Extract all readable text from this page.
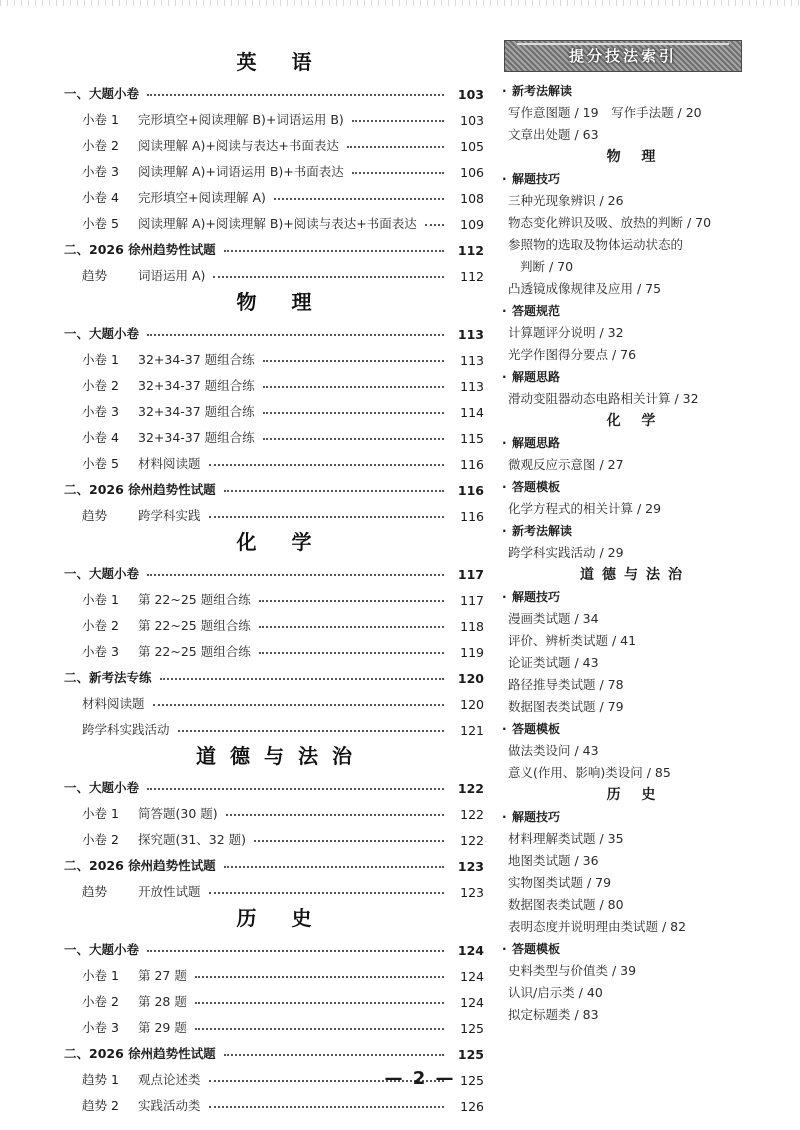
英 语
一、大题小卷	103
小卷 1	完形填空+阅读理解 B)+词语运用 B)	103
小卷 2	阅读理解 A)+阅读与表达+书面表达	105
小卷 3	阅读理解 A)+词语运用 B)+书面表达	106
小卷 4	完形填空+阅读理解 A)	108
小卷 5	阅读理解 A)+阅读理解 B)+阅读与表达+书面表达	109
二、2026 徐州趋势性试题	112
趋势	词语运用 A)	112
物 理
一、大题小卷	113
小卷 1	32+34-37 题组合练	113
小卷 2	32+34-37 题组合练	113
小卷 3	32+34-37 题组合练	114
小卷 4	32+34-37 题组合练	115
小卷 5	材料阅读题	116
二、2026 徐州趋势性试题	116
趋势	跨学科实践	116
化 学
一、大题小卷	117
小卷 1	第 22~25 题组合练	117
小卷 2	第 22~25 题组合练	118
小卷 3	第 22~25 题组合练	119
二、新考法专练	120
材料阅读题	120
跨学科实践活动	121
道德与法治
一、大题小卷	122
小卷 1	简答题(30 题)	122
小卷 2	探究题(31、32 题)	122
二、2026 徐州趋势性试题	123
趋势	开放性试题	123
历 史
一、大题小卷	124
小卷 1	第 27 题	124
小卷 2	第 28 题	124
小卷 3	第 29 题	125
二、2026 徐州趋势性试题	125
趋势 1	观点论述类	125
趋势 2	实践活动类	126
提分技法索引
· 新考法解读
写作意图题 / 19　写作手法题 / 20
文章出处题 / 63
物 理
· 解题技巧
三种光现象辨识 / 26
物态变化辨识及吸、放热的判断 / 70
参照物的选取及物体运动状态的
判断 / 70
凸透镜成像规律及应用 / 75
· 答题规范
计算题评分说明 / 32
光学作图得分要点 / 76
· 解题思路
滑动变阻器动态电路相关计算 / 32
化 学
· 解题思路
微观反应示意图 / 27
· 答题模板
化学方程式的相关计算 / 29
· 新考法解读
跨学科实践活动 / 29
道德与法治
· 解题技巧
漫画类试题 / 34
评价、辨析类试题 / 41
论证类试题 / 43
路径推导类试题 / 78
数据图表类试题 / 79
· 答题模板
做法类设问 / 43
意义(作用、影响)类设问 / 85
历 史
· 解题技巧
材料理解类试题 / 35
地图类试题 / 36
实物图类试题 / 79
数据图表类试题 / 80
表明态度并说明理由类试题 / 82
· 答题模板
史料类型与价值类 / 39
认识/启示类 / 40
拟定标题类 / 83
— 2 —
